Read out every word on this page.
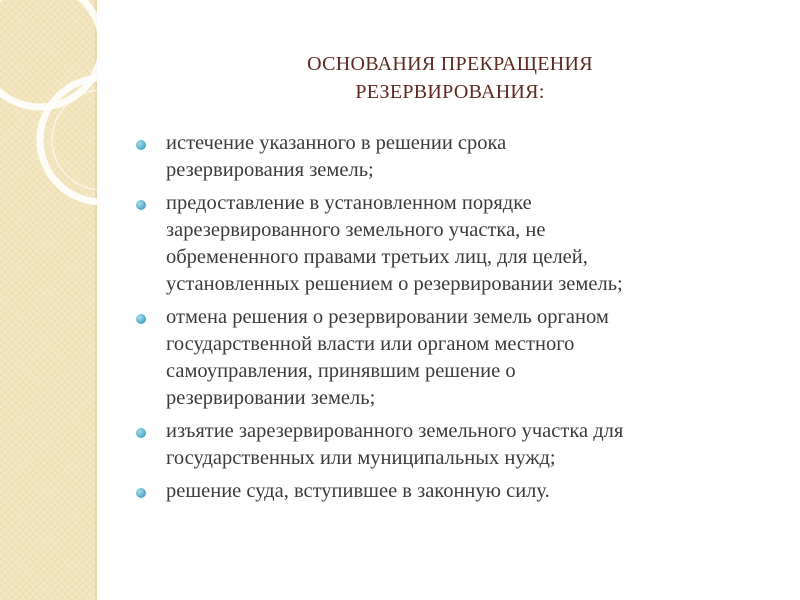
ОСНОВАНИЯ ПРЕКРАЩЕНИЯ
РЕЗЕРВИРОВАНИЯ:
истечение указанного в решении срока
резервирования земель;
предоставление в установленном порядке
зарезервированного земельного участка, не
обремененного правами третьих лиц, для целей,
установленных решением о резервировании земель;
отмена решения о резервировании земель органом
государственной власти или органом местного
самоуправления, принявшим решение о
резервировании земель;
изъятие зарезервированного земельного участка для
государственных или муниципальных нужд;
решение суда, вступившее в законную силу.
